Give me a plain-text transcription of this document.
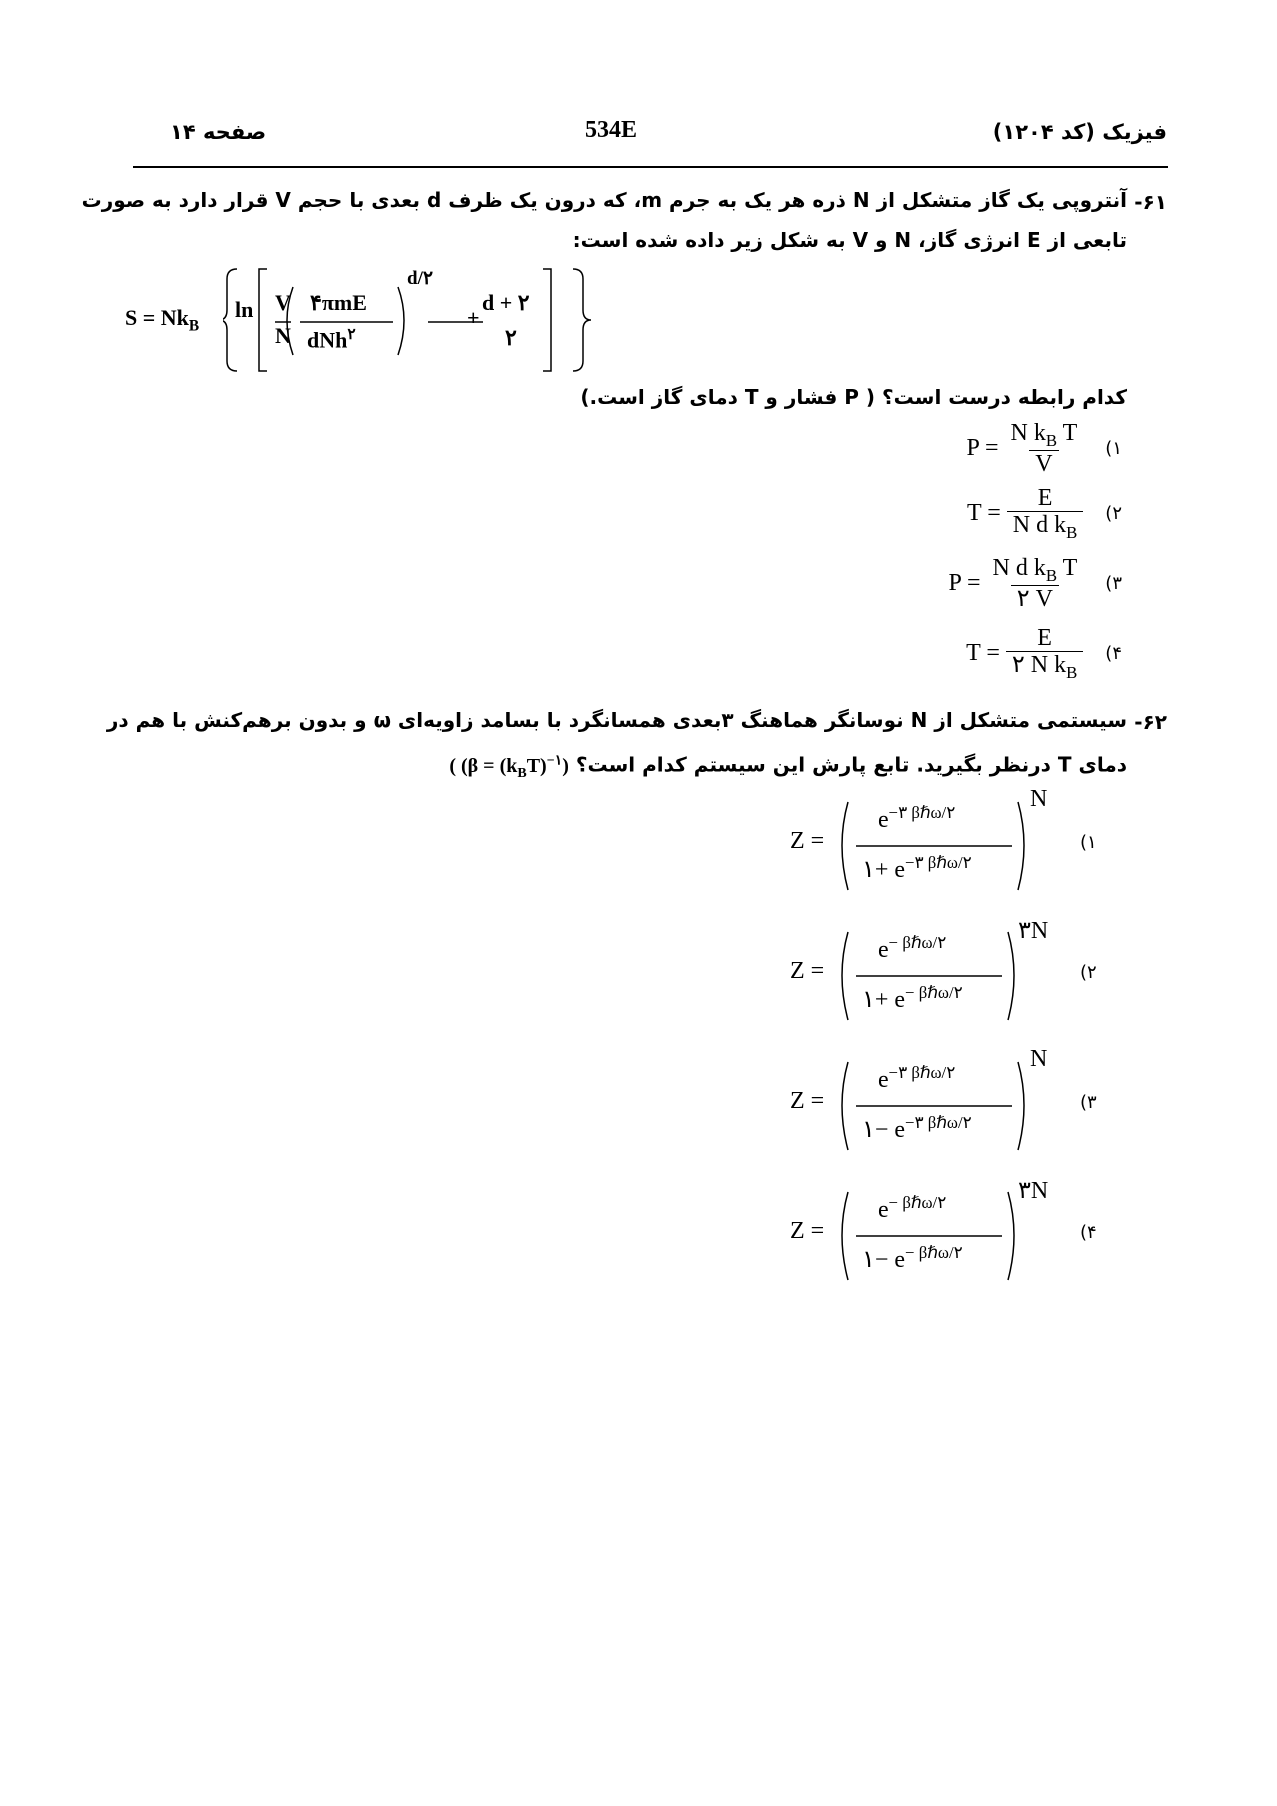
صفحه ۱۴	534E	فیزیک (کد ۱۲۰۴)
۶۱-
آنتروپی یک گاز متشکل از N ذره هر یک به جرم m، که درون یک ظرف d بعدی با حجم V قرار دارد به صورت
تابعی از E انرژی گاز، N و V به شکل زیر داده شده است:
$S = Nk_B$
ln V
N
۴πmE
dNh$^۲$
d/۲
+
d + ۲
۲
کدام رابطه درست است؟ ( P فشار و T دمای گاز است.)
$P = \frac{N k_B T}{V}$ (۱
$T = \frac{E}{N d k_B}$ (۲
$P = \frac{N d k_B T}{۲ V}$ (۳
$T = \frac{E}{۲ N k_B}$ (۴
۶۲-
سیستمی متشکل از N نوسانگر هماهنگ ۳بعدی همسانگرد با بسامد زاویه‌ای ω و بدون برهم‌کنش با هم در
دمای T درنظر بگیرید. تابع پارش این سیستم کدام است؟ ( $(\beta = (k_BT)^{-۱})$
Z =
$e^{-۳ \beta\hbar\omega/۲}$
۱+ $e^{-۳ \beta\hbar\omega/۲}$
N
(۱
Z =
$e^{- \beta\hbar\omega/۲}$
۱+ $e^{- \beta\hbar\omega/۲}$
۳N
(۲
Z =
$e^{-۳ \beta\hbar\omega/۲}$
۱− $e^{-۳ \beta\hbar\omega/۲}$
N
(۳
Z =
$e^{- \beta\hbar\omega/۲}$
۱− $e^{- \beta\hbar\omega/۲}$
۳N
(۴
